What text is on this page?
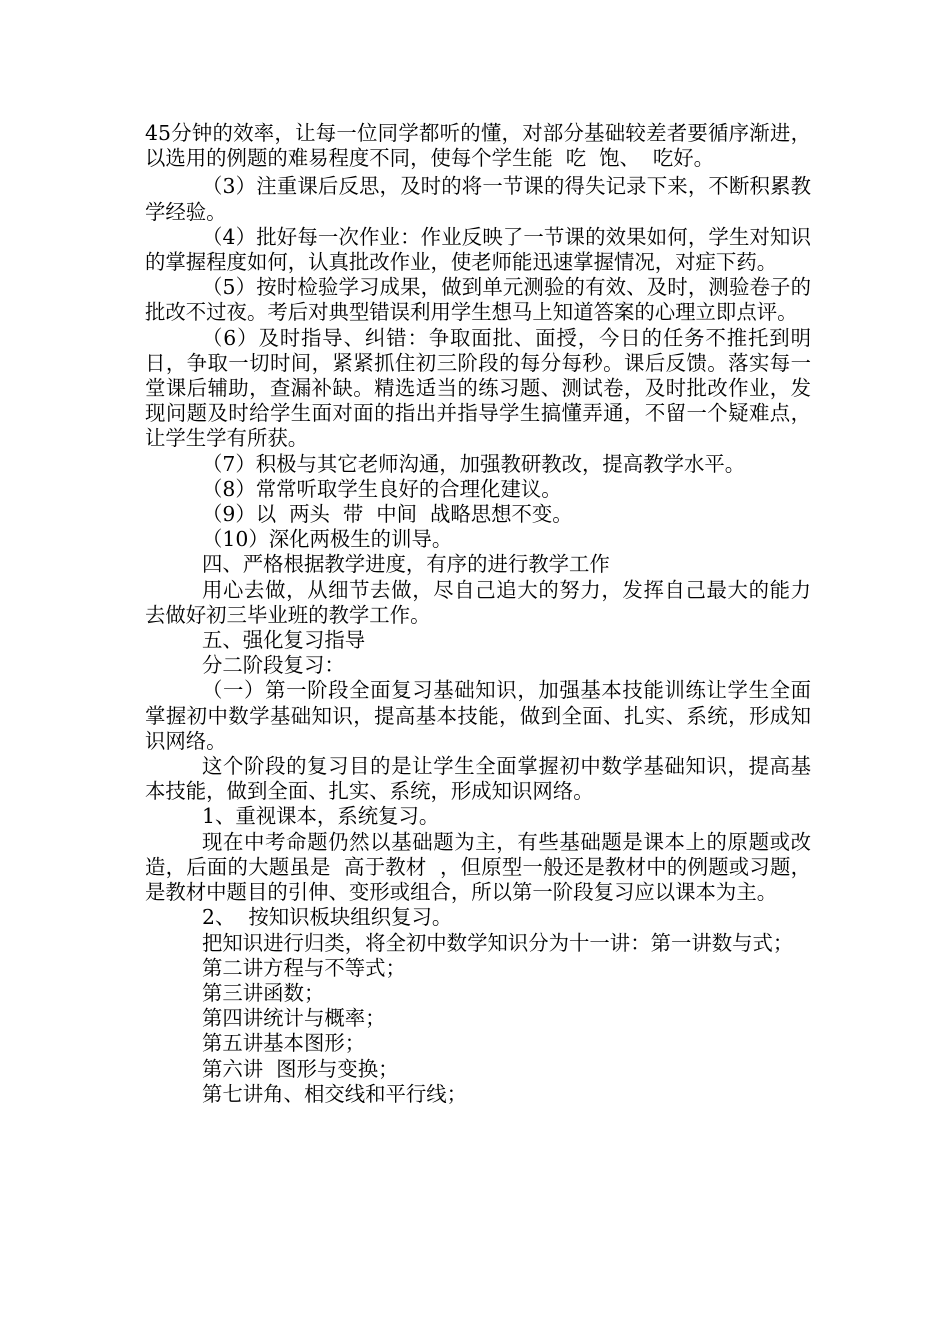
45分钟的效率，让每一位同学都听的懂，对部分基础较差者要循序渐进，以选用的例题的难易程度不同，使每个学生能  吃  饱、  吃好。

（3）注重课后反思，及时的将一节课的得失记录下来，不断积累教学经验。

（4）批好每一次作业：作业反映了一节课的效果如何，学生对知识的掌握程度如何，认真批改作业，使老师能迅速掌握情况，对症下药。

（5）按时检验学习成果，做到单元测验的有效、及时，测验卷子的批改不过夜。考后对典型错误利用学生想马上知道答案的心理立即点评。

（6）及时指导、纠错：争取面批、面授，今日的任务不推托到明日，争取一切时间，紧紧抓住初三阶段的每分每秒。课后反馈。落实每一堂课后辅助，查漏补缺。精选适当的练习题、测试卷，及时批改作业，发现问题及时给学生面对面的指出并指导学生搞懂弄通，不留一个疑难点，让学生学有所获。

（7）积极与其它老师沟通，加强教研教改，提高教学水平。

（8）常常听取学生良好的合理化建议。

（9）以  两头  带  中间  战略思想不变。

（10）深化两极生的训导。

四、严格根据教学进度，有序的进行教学工作

用心去做，从细节去做，尽自己追大的努力，发挥自己最大的能力去做好初三毕业班的教学工作。

五、强化复习指导

分二阶段复习：

（一）第一阶段全面复习基础知识，加强基本技能训练让学生全面掌握初中数学基础知识，提高基本技能，做到全面、扎实、系统，形成知识网络。

这个阶段的复习目的是让学生全面掌握初中数学基础知识，提高基本技能，做到全面、扎实、系统，形成知识网络。

1、重视课本，系统复习。

现在中考命题仍然以基础题为主，有些基础题是课本上的原题或改造，后面的大题虽是  高于教材  ，但原型一般还是教材中的例题或习题，是教材中题目的引伸、变形或组合，所以第一阶段复习应以课本为主。

2、  按知识板块组织复习。

把知识进行归类，将全初中数学知识分为十一讲：第一讲数与式；

第二讲方程与不等式；

第三讲函数；

第四讲统计与概率；

第五讲基本图形；

第六讲  图形与变换；

第七讲角、相交线和平行线；
